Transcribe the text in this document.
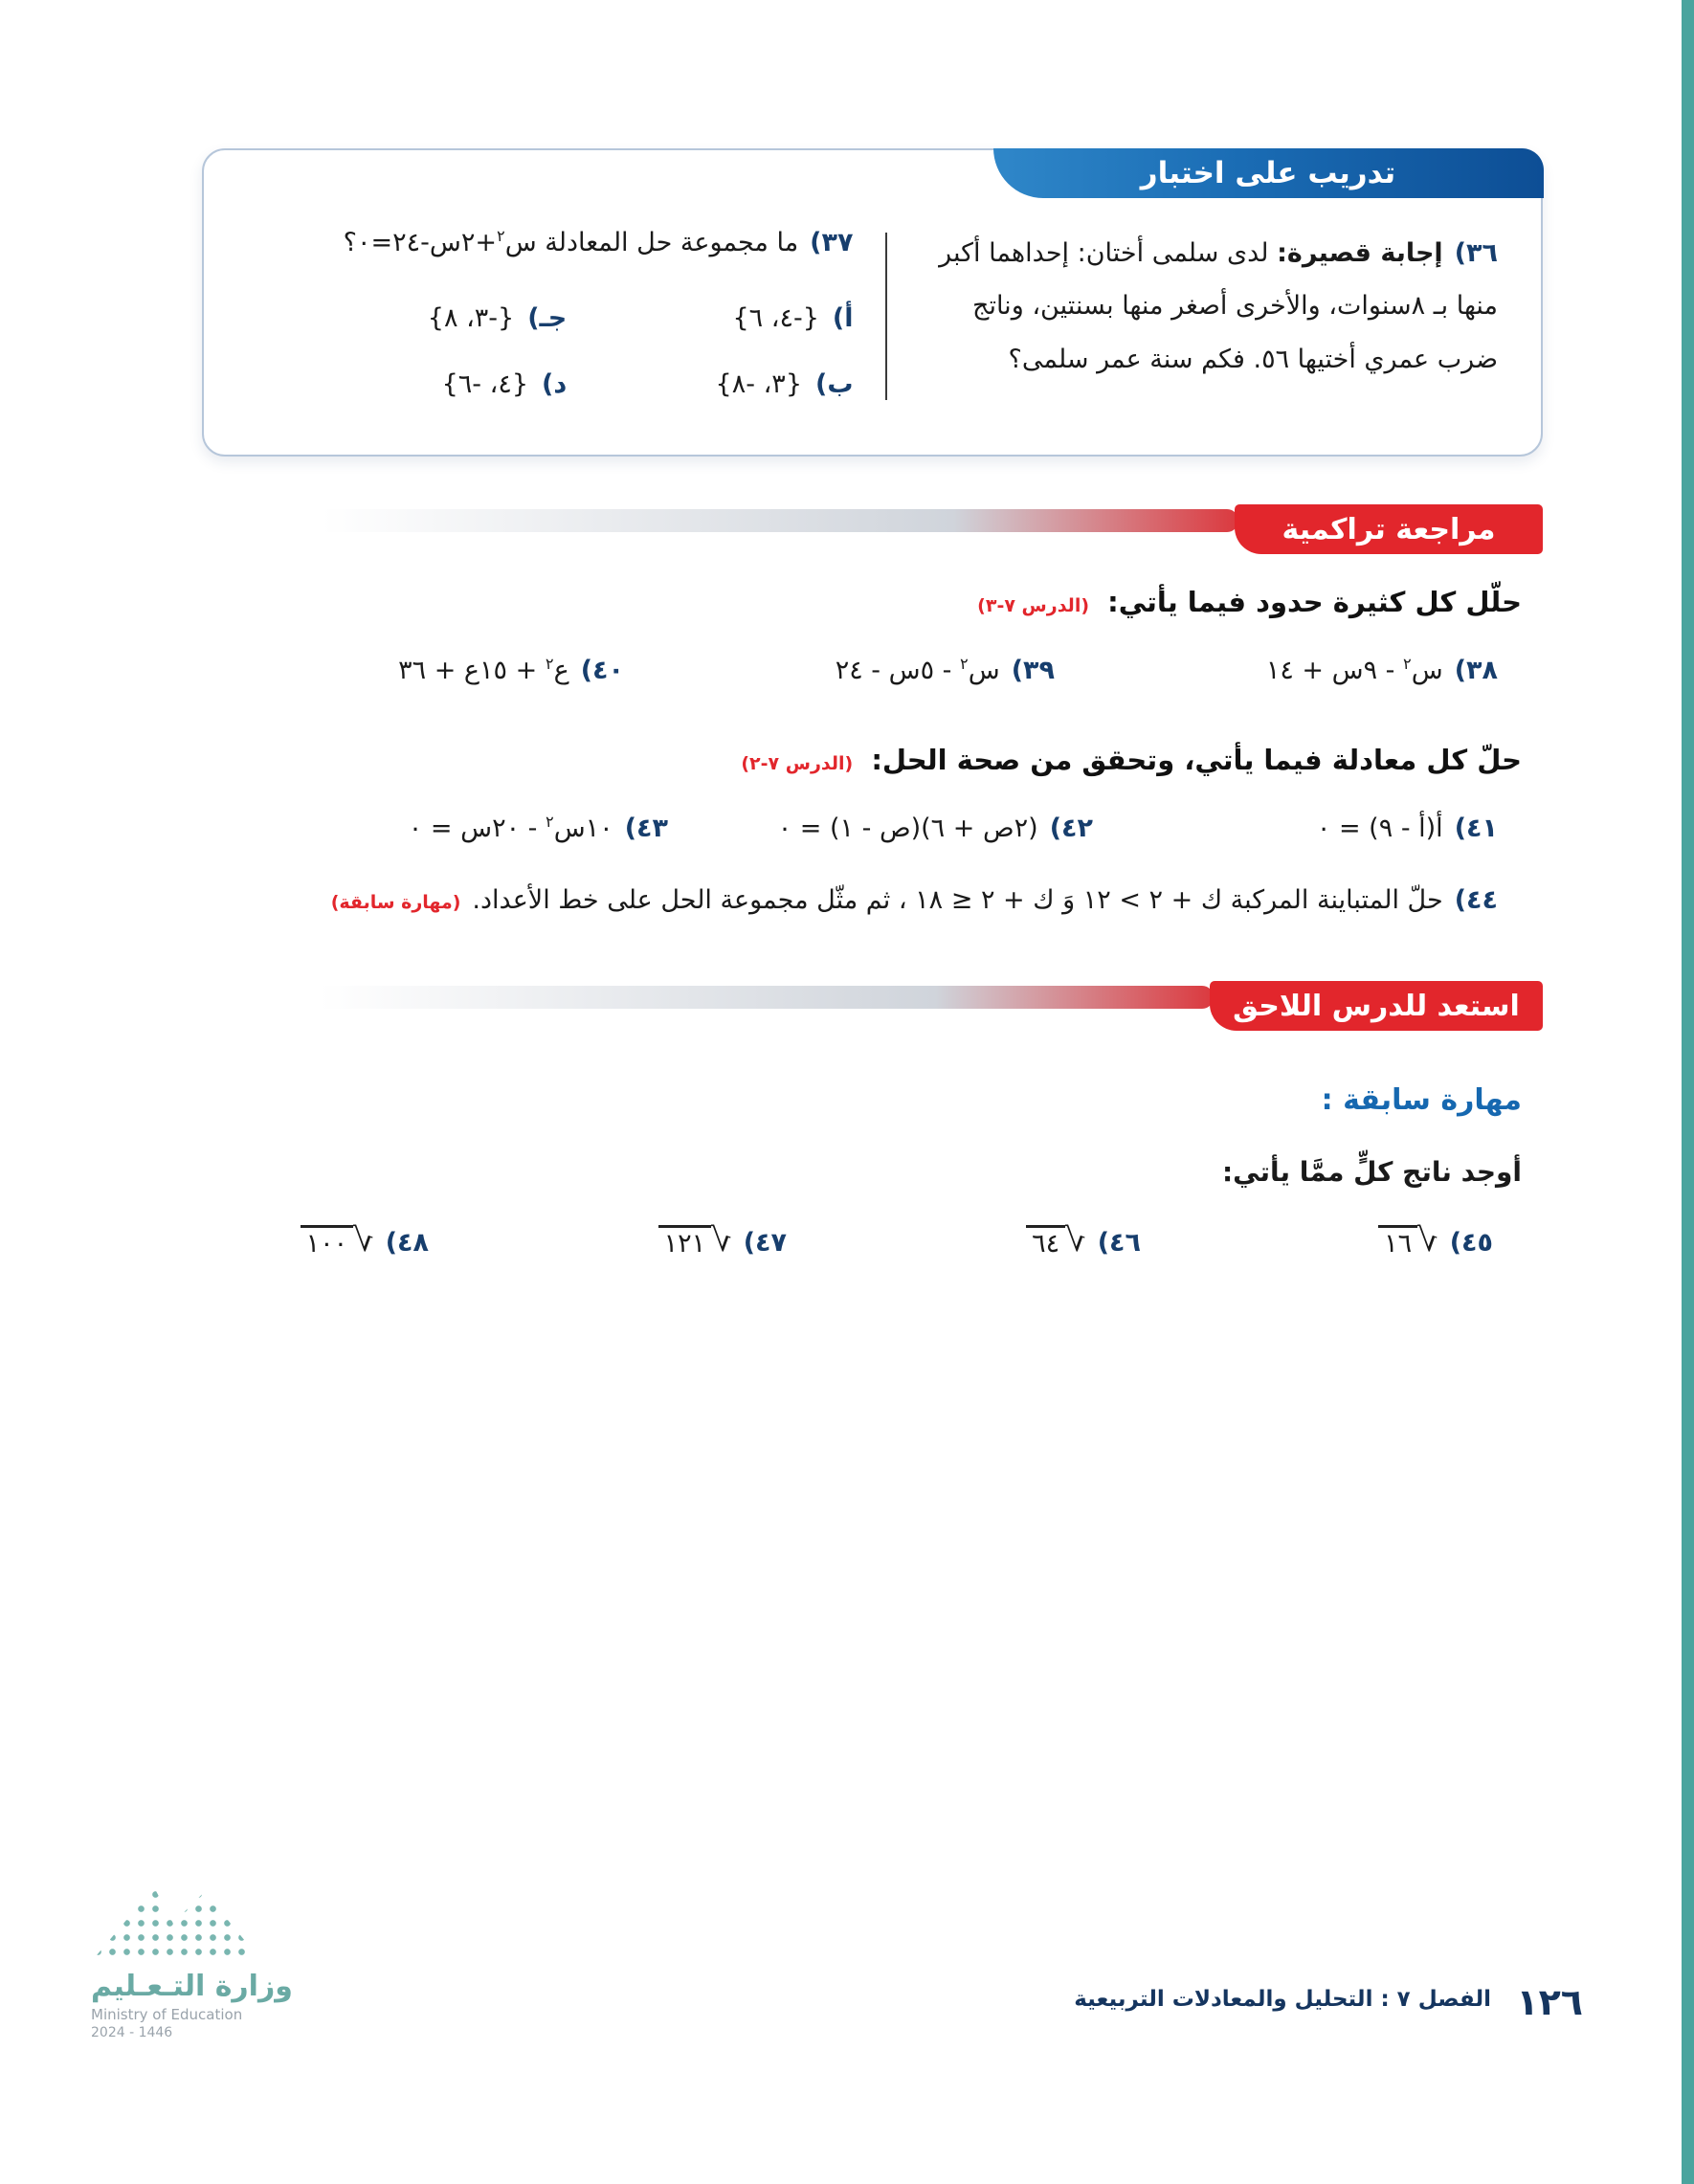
تدريب على اختبار

٣٦)إجابة قصيرة: لدى سلمى أختان: إحداهما أكبر منها بـ ٨سنوات، والأخرى أصغر منها بسنتين، وناتج ضرب عمري أختيها ٥٦. فكم سنة عمر سلمى؟

٣٧)ما مجموعة حل المعادلة س$^٢$+٢س-٢٤=٠؟

أ){-٤، ٦}
جـ){-٣، ٨}
ب){٣، -٨}
د){٤، -٦}
مراجعة تراكمية
حلّل كل كثيرة حدود فيما يأتي: (الدرس ٧-٣)
٣٨)س$^٢$ - ٩س + ١٤
٣٩)س$^٢$ - ٥س - ٢٤
٤٠)ع$^٢$ + ١٥ع + ٣٦
حلّ كل معادلة فيما يأتي، وتحقق من صحة الحل: (الدرس ٧-٢)
٤١)أ(أ - ٩) = ٠
٤٢)(٢ص + ٦)(ص - ١) = ٠
٤٣)١٠س$^٢$ - ٢٠س = ٠
٤٤)حلّ المتباينة المركبة ك + ٢ > ١٢ وَ ك + ٢ ≤ ١٨ ، ثم مثّل مجموعة الحل على خط الأعداد.(مهارة سابقة)
استعد للدرس اللاحق
مهارة سابقة :
أوجد ناتج كلٍّ ممَّا يأتي:
٤٥)
√
١٦
٤٦)
√
٦٤
٤٧)
√
١٢١
٤٨)
√
١٠٠
الفصل ٧ : التحليل والمعادلات التربيعية ١٢٦
وزارة التـعـليم
Ministry of Education
2024 - 1446
